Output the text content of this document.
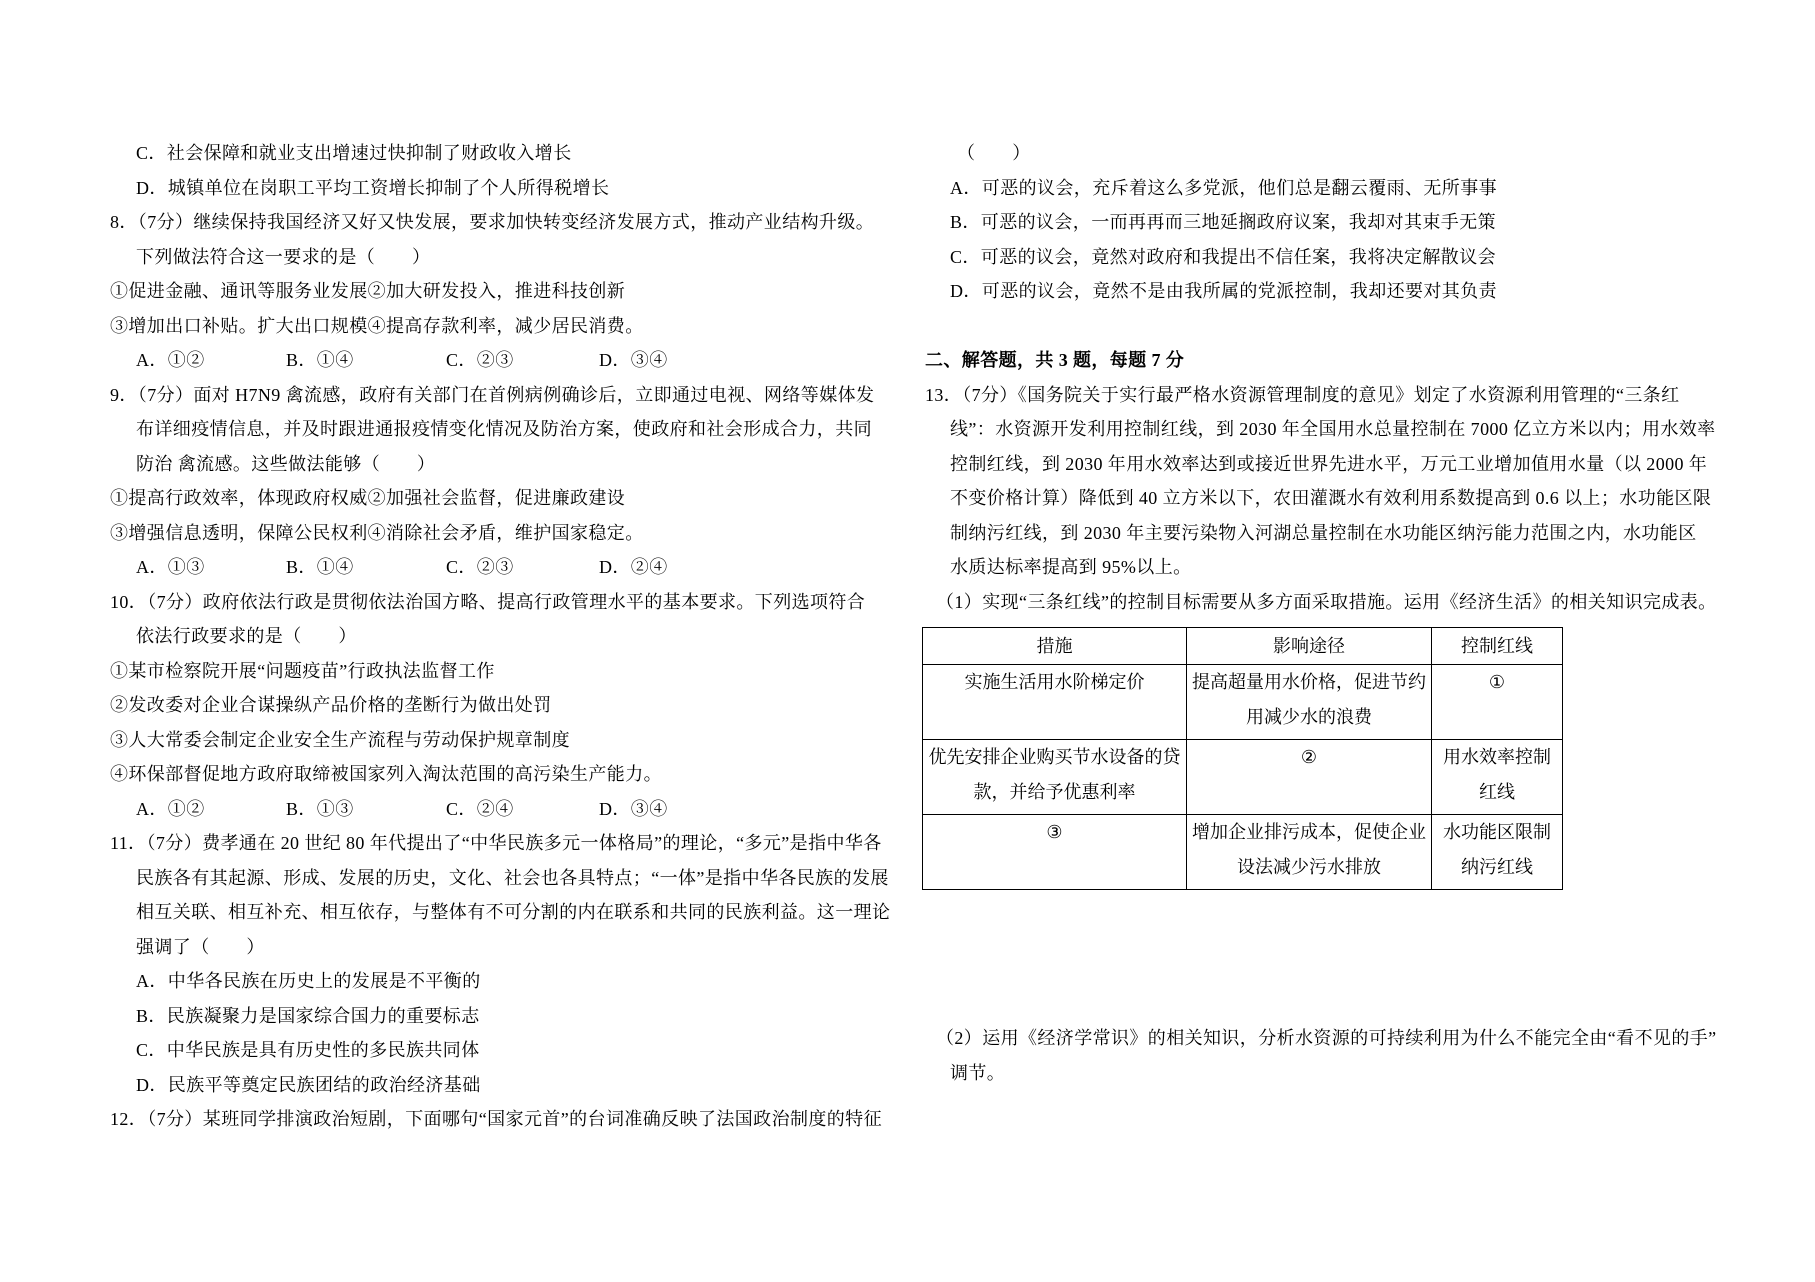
C．社会保障和就业支出增速过快抑制了财政收入增长
D．城镇单位在岗职工平均工资增长抑制了个人所得税增长
8．（7分）继续保持我国经济又好又快发展，要求加快转变经济发展方式，推动产业结构升级。
下列做法符合这一要求的是（　　）
①促进金融、通讯等服务业发展②加大研发投入，推进科技创新
③增加出口补贴。扩大出口规模④提高存款利率，减少居民消费。
A．①②	B．①④	C．②③	D．③④
9．（7分）面对 H7N9 禽流感，政府有关部门在首例病例确诊后，立即通过电视、网络等媒体发
布详细疫情信息，并及时跟进通报疫情变化情况及防治方案，使政府和社会形成合力，共同
防治 禽流感。这些做法能够（　　）
①提高行政效率，体现政府权威②加强社会监督，促进廉政建设
③增强信息透明，保障公民权利④消除社会矛盾，维护国家稳定。
A．①③	B．①④	C．②③	D．②④
10．（7分）政府依法行政是贯彻依法治国方略、提高行政管理水平的基本要求。下列选项符合
依法行政要求的是（　　）
①某市检察院开展“问题疫苗”行政执法监督工作
②发改委对企业合谋操纵产品价格的垄断行为做出处罚
③人大常委会制定企业安全生产流程与劳动保护规章制度
④环保部督促地方政府取缔被国家列入淘汰范围的高污染生产能力。
A．①②	B．①③	C．②④	D．③④
11．（7分）费孝通在 20 世纪 80 年代提出了“中华民族多元一体格局”的理论，“多元”是指中华各
民族各有其起源、形成、发展的历史，文化、社会也各具特点；“一体”是指中华各民族的发展
相互关联、相互补充、相互依存，与整体有不可分割的内在联系和共同的民族利益。这一理论
强调了（　　）
A．中华各民族在历史上的发展是不平衡的
B．民族凝聚力是国家综合国力的重要标志
C．中华民族是具有历史性的多民族共同体
D．民族平等奠定民族团结的政治经济基础
12．（7分）某班同学排演政治短剧，下面哪句“国家元首”的台词准确反映了法国政治制度的特征
（　　）
A．可恶的议会，充斥着这么多党派，他们总是翻云覆雨、无所事事
B．可恶的议会，一而再再而三地延搁政府议案，我却对其束手无策
C．可恶的议会，竟然对政府和我提出不信任案，我将决定解散议会
D．可恶的议会，竟然不是由我所属的党派控制，我却还要对其负责
二、解答题，共 3 题，每题 7 分
13．（7分）《国务院关于实行最严格水资源管理制度的意见》划定了水资源利用管理的“三条红
线”：水资源开发利用控制红线，到 2030 年全国用水总量控制在 7000 亿立方米以内；用水效率
控制红线，到 2030 年用水效率达到或接近世界先进水平，万元工业增加值用水量（以 2000 年
不变价格计算）降低到 40 立方米以下，农田灌溉水有效利用系数提高到 0.6 以上；水功能区限
制纳污红线，到 2030 年主要污染物入河湖总量控制在水功能区纳污能力范围之内，水功能区
水质达标率提高到 95%以上。
（1）实现“三条红线”的控制目标需要从多方面采取措施。运用《经济生活》的相关知识完成表。
措施	影响途径	控制红线
实施生活用水阶梯定价	提高超量用水价格，促进节约用减少水的浪费	①
优先安排企业购买节水设备的贷款，并给予优惠利率	②	用水效率控制红线
③	增加企业排污成本，促使企业设法减少污水排放	水功能区限制纳污红线
（2）运用《经济学常识》的相关知识，分析水资源的可持续利用为什么不能完全由“看不见的手”
调节。
